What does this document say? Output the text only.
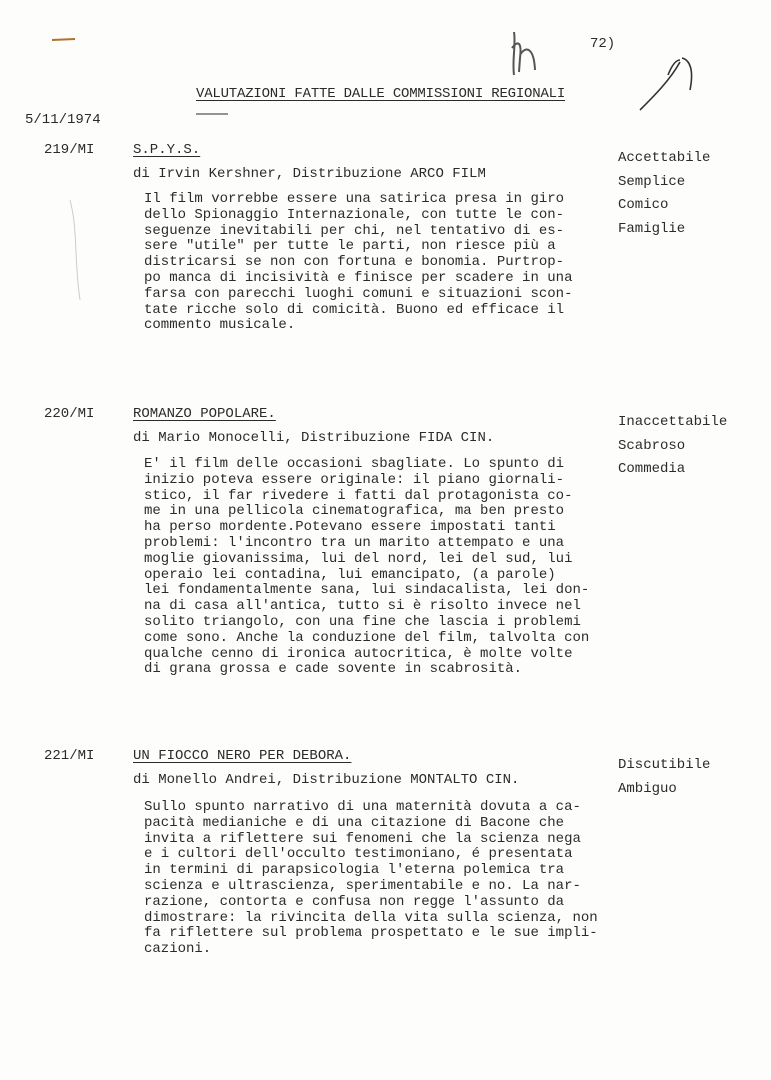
72)
VALUTAZIONI FATTE DALLE COMMISSIONI REGIONALI
5/11/1974
219/MI	S.P.Y.S.
di Irvin Kershner, Distribuzione ARCO FILM
Il film vorrebbe essere una satirica presa in giro
dello Spionaggio Internazionale, con tutte le con-
seguenze inevitabili per chi, nel tentativo di es-
sere "utile" per tutte le parti, non riesce più a
districarsi se non con fortuna e bonomia. Purtrop-
po manca di incisività e finisce per scadere in una
farsa con parecchi luoghi comuni e situazioni scon-
tate ricche solo di comicità. Buono ed efficace il
commento musicale.
Accettabile
Semplice
Comico
Famiglie
220/MI	ROMANZO POPOLARE.
di Mario Monocelli, Distribuzione FIDA CIN.
E' il film delle occasioni sbagliate. Lo spunto di
inizio poteva essere originale: il piano giornali-
stico, il far rivedere i fatti dal protagonista co-
me in una pellicola cinematografica, ma ben presto
ha perso mordente.Potevano essere impostati tanti
problemi: l'incontro tra un marito attempato e una
moglie giovanissima, lui del nord, lei del sud, lui
operaio lei contadina, lui emancipato, (a parole)
lei fondamentalmente sana, lui sindacalista, lei don-
na di casa all'antica, tutto si è risolto invece nel
solito triangolo, con una fine che lascia i problemi
come sono. Anche la conduzione del film, talvolta con
qualche cenno di ironica autocritica, è molte volte
di grana grossa e cade sovente in scabrosità.
Inaccettabile
Scabroso
Commedia
221/MI	UN FIOCCO NERO PER DEBORA.
di Monello Andrei, Distribuzione MONTALTO CIN.
Sullo spunto narrativo di una maternità dovuta a ca-
pacità medianiche e di una citazione di Bacone che
invita a riflettere sui fenomeni che la scienza nega
e i cultori dell'occulto testimoniano, é presentata
in termini di parapsicologia l'eterna polemica tra
scienza e ultrascienza, sperimentabile e no. La nar-
razione, contorta e confusa non regge l'assunto da
dimostrare: la rivincita della vita sulla scienza, non
fa riflettere sul problema prospettato e le sue impli-
cazioni.
Discutibile
Ambiguo
